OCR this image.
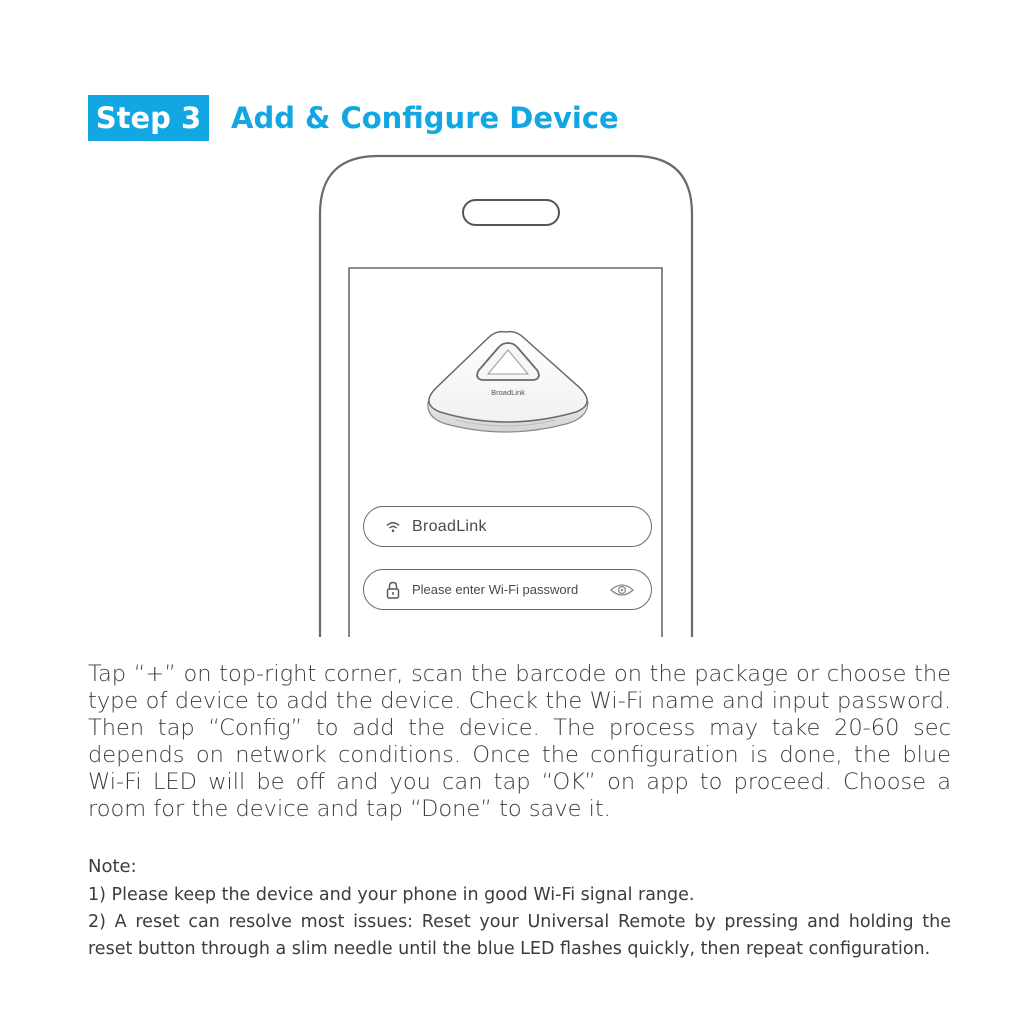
Step 3 Add & Configure Device
BroadLink
BroadLink
Please enter Wi-Fi password
Tap “+” on top-right corner, scan the barcode on the package or choose the type of device to add the device. Check the Wi-Fi name and input password. Then tap “Config” to add the device. The process may take 20-60 sec depends on network conditions. Once the configuration is done, the blue Wi-Fi LED will be off and you can tap “OK” on app to proceed. Choose a room for the device and tap “Done” to save it.
Note:
1) Please keep the device and your phone in good Wi-Fi signal range.
2) A reset can resolve most issues: Reset your Universal Remote by pressing and holding the reset button through a slim needle until the blue LED flashes quickly, then repeat configuration.
